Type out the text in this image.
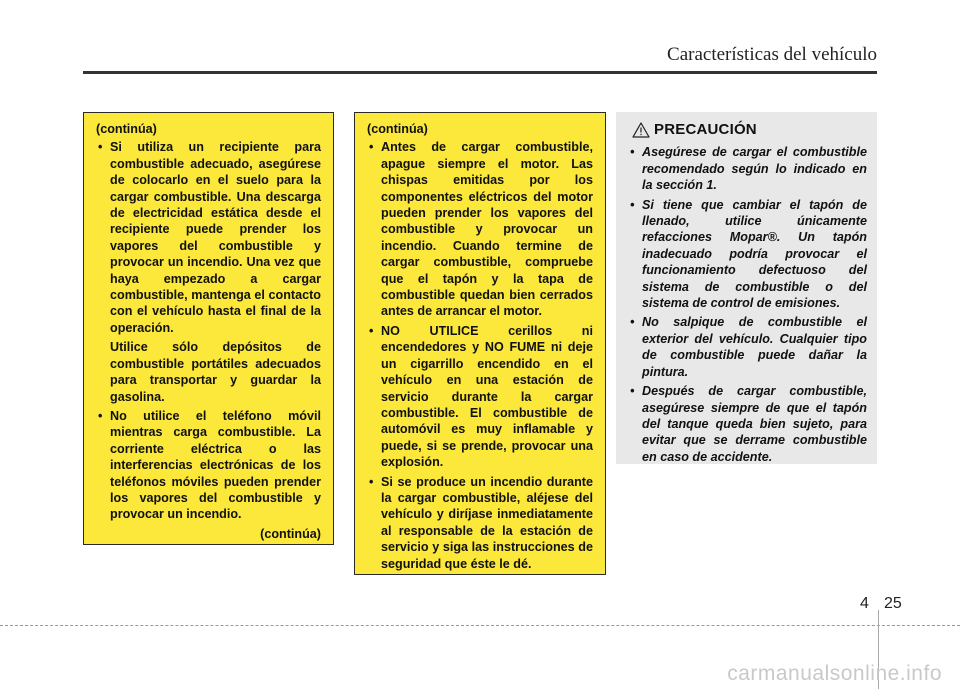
Características del vehículo
(continúa)
• Si utiliza un recipiente para combustible adecuado, asegúrese de colocarlo en el suelo para la cargar combustible. Una descarga de electricidad estática desde el recipiente puede prender los vapores del combustible y provocar un incendio. Una vez que haya empezado a cargar combustible, mantenga el contacto con el vehículo hasta el final de la operación.
Utilice sólo depósitos de combustible portátiles adecuados para transportar y guardar la gasolina.
• No utilice el teléfono móvil mientras carga combustible. La corriente eléctrica o las interferencias electrónicas de los teléfonos móviles pueden prender los vapores del combustible y provocar un incendio.
(continúa)
(continúa)
• Antes de cargar combustible, apague siempre el motor. Las chispas emitidas por los componentes eléctricos del motor pueden prender los vapores del combustible y provocar un incendio. Cuando termine de cargar combustible, compruebe que el tapón y la tapa de combustible quedan bien cerrados antes de arrancar el motor.
• NO UTILICE cerillos ni encendedores y NO FUME ni deje un cigarrillo encendido en el vehículo en una estación de servicio durante la cargar combustible. El combustible de automóvil es muy inflamable y puede, si se prende, provocar una explosión.
• Si se produce un incendio durante la cargar combustible, aléjese del vehículo y diríjase inmediatamente al responsable de la estación de servicio y siga las instrucciones de seguridad que éste le dé.
PRECAUCIÓN
• Asegúrese de cargar el combustible recomendado según lo indicado en la sección 1.
• Si tiene que cambiar el tapón de llenado, utilice únicamente refacciones Mopar®. Un tapón inadecuado podría provocar el funcionamiento defectuoso del sistema de combustible o del sistema de control de emisiones.
• No salpique de combustible el exterior del vehículo. Cualquier tipo de combustible puede dañar la pintura.
• Después de cargar combustible, asegúrese siempre de que el tapón del tanque queda bien sujeto, para evitar que se derrame combustible en caso de accidente.
4 25
carmanualsonline.info
